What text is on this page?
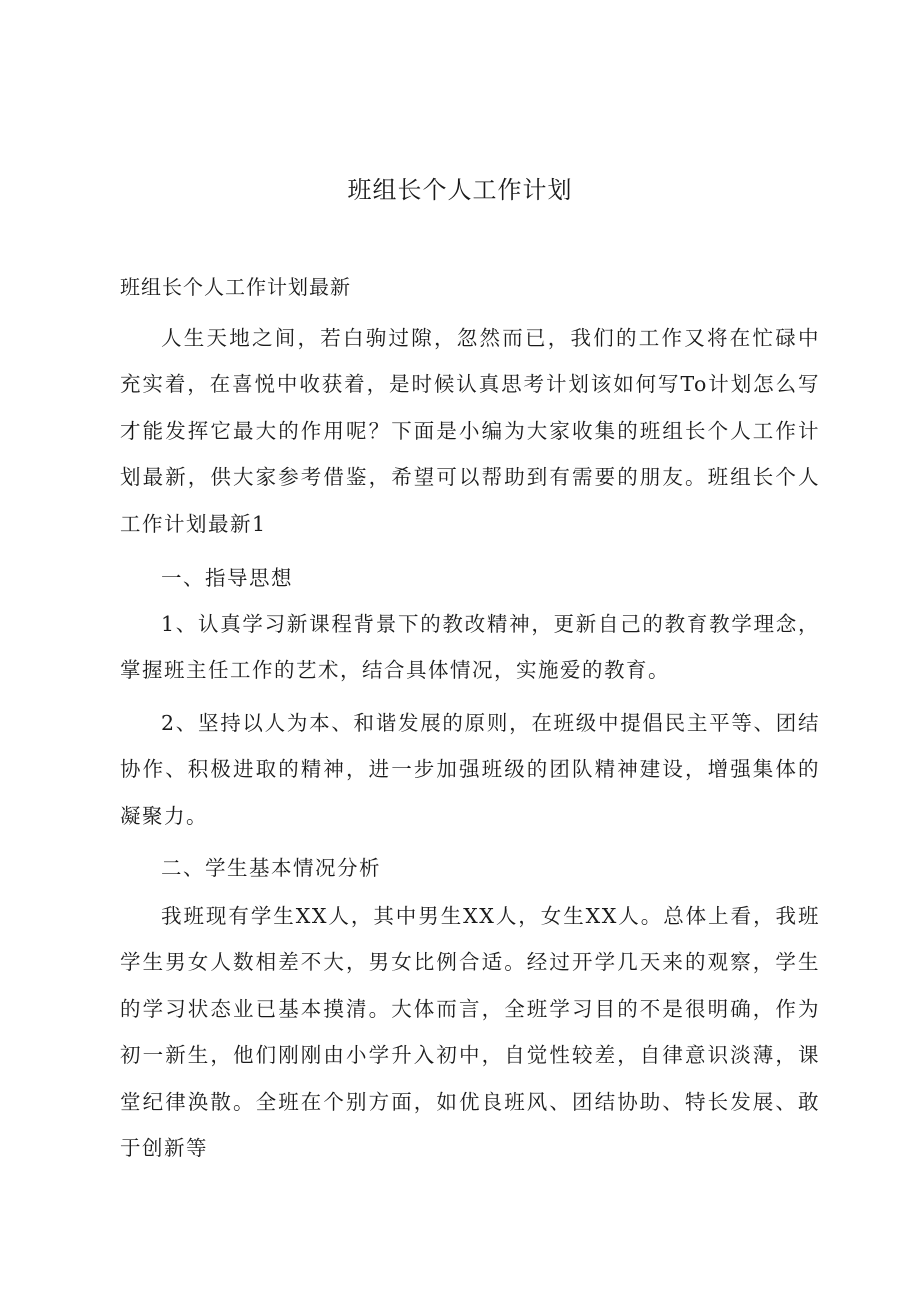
班组长个人工作计划
班组长个人工作计划最新

人生天地之间，若白驹过隙，忽然而已，我们的工作又将在忙碌中充实着，在喜悦中收获着，是时候认真思考计划该如何写To计划怎么写才能发挥它最大的作用呢？下面是小编为大家收集的班组长个人工作计划最新，供大家参考借鉴，希望可以帮助到有需要的朋友。班组长个人工作计划最新1

一、指导思想

1、认真学习新课程背景下的教改精神，更新自己的教育教学理念，掌握班主任工作的艺术，结合具体情况，实施爱的教育。

2、坚持以人为本、和谐发展的原则，在班级中提倡民主平等、团结协作、积极进取的精神，进一步加强班级的团队精神建设，增强集体的凝聚力。

二、学生基本情况分析

我班现有学生XX人，其中男生XX人，女生XX人。总体上看，我班学生男女人数相差不大，男女比例合适。经过开学几天来的观察，学生的学习状态业已基本摸清。大体而言，全班学习目的不是很明确，作为初一新生，他们刚刚由小学升入初中，自觉性较差，自律意识淡薄，课堂纪律涣散。全班在个别方面，如优良班风、团结协助、特长发展、敢于创新等
